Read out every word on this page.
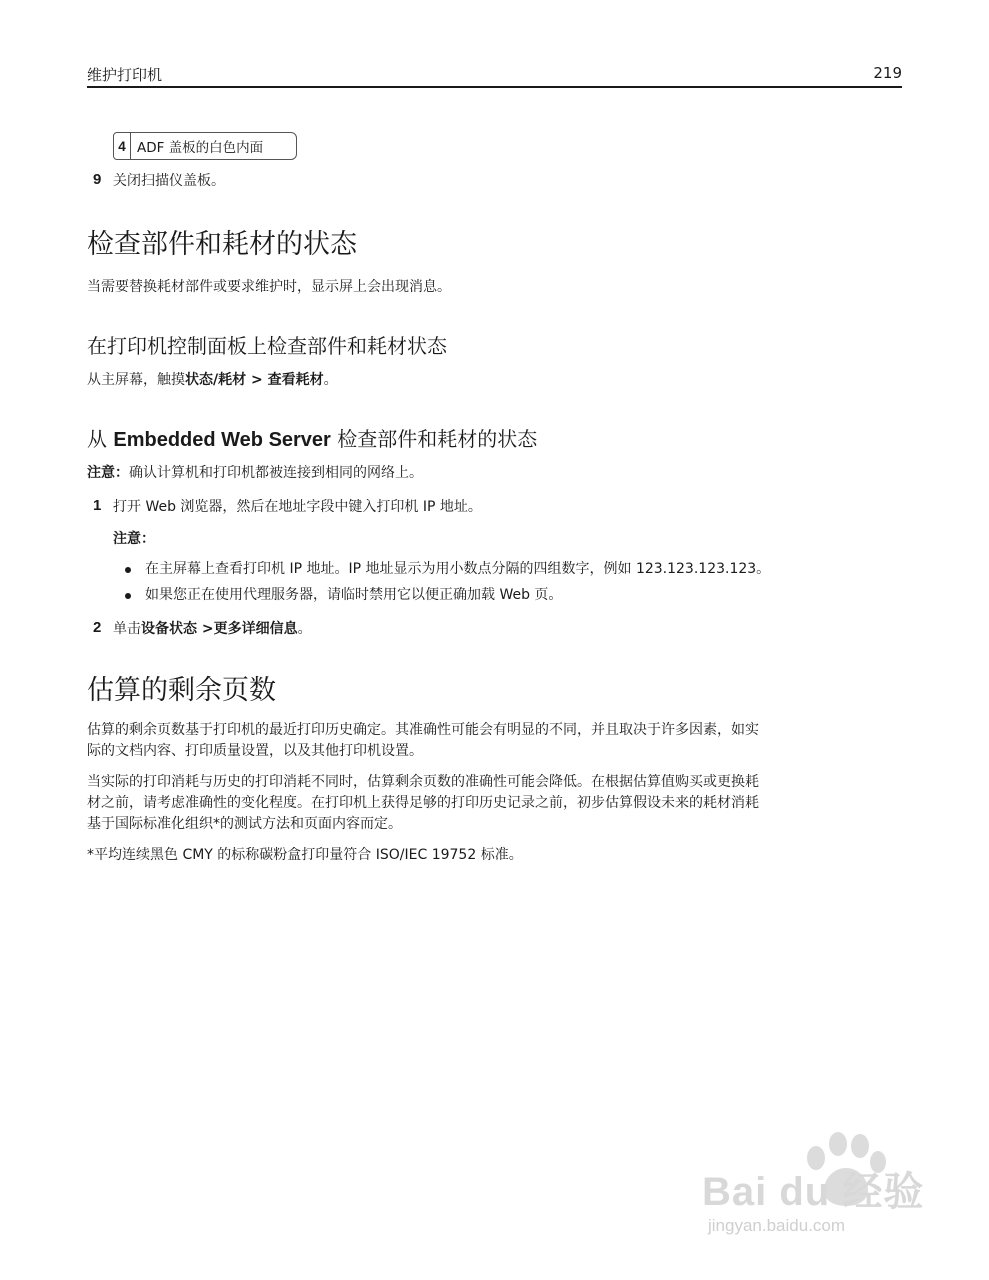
维护打印机	219
4 ADF 盖板的白色内面
9 关闭扫描仪盖板。
检查部件和耗材的状态
当需要替换耗材部件或要求维护时，显示屏上会出现消息。
在打印机控制面板上检查部件和耗材状态
从主屏幕，触摸状态/耗材 > 查看耗材。
从 Embedded Web Server 检查部件和耗材的状态
注意：确认计算机和打印机都被连接到相同的网络上。
1 打开 Web 浏览器，然后在地址字段中键入打印机 IP 地址。
注意：
在主屏幕上查看打印机 IP 地址。IP 地址显示为用小数点分隔的四组数字，例如 123.123.123.123。
如果您正在使用代理服务器，请临时禁用它以便正确加载 Web 页。
2 单击设备状态 >更多详细信息。
估算的剩余页数
估算的剩余页数基于打印机的最近打印历史确定。其准确性可能会有明显的不同，并且取决于许多因素，如实
际的文档内容、打印质量设置，以及其他打印机设置。
当实际的打印消耗与历史的打印消耗不同时，估算剩余页数的准确性可能会降低。在根据估算值购买或更换耗
材之前，请考虑准确性的变化程度。在打印机上获得足够的打印历史记录之前，初步估算假设未来的耗材消耗
基于国际标准化组织*的测试方法和页面内容而定。
*平均连续黑色 CMY 的标称碳粉盒打印量符合 ISO/IEC 19752 标准。
Bai du 经验
jingyan.baidu.com
